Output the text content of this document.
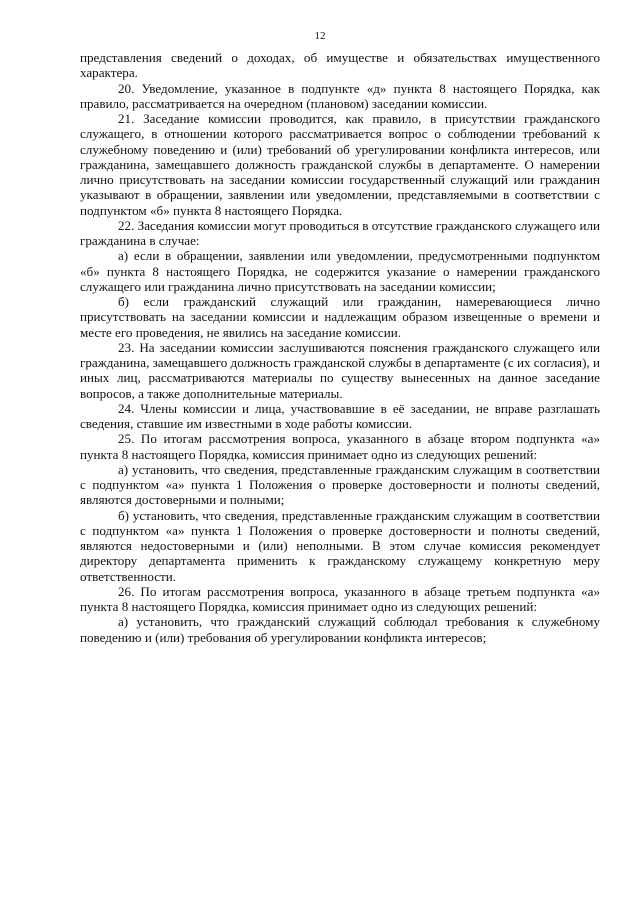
12

представления сведений о доходах, об имуществе и обязательствах имущественного характера.

20. Уведомление, указанное в подпункте «д» пункта 8 настоящего Порядка, как правило, рассматривается на очередном (плановом) заседании комиссии.

21. Заседание комиссии проводится, как правило, в присутствии гражданского служащего, в отношении которого рассматривается вопрос о соблюдении требований к служебному поведению и (или) требований об урегулировании конфликта интересов, или гражданина, замещавшего должность гражданской службы в департаменте. О намерении лично присутствовать на заседании комиссии государственный служащий или гражданин указывают в обращении, заявлении или уведомлении, представляемыми в соответствии с подпунктом «б» пункта 8 настоящего Порядка.

22. Заседания комиссии могут проводиться в отсутствие гражданского служащего или гражданина в случае:

а) если в обращении, заявлении или уведомлении, предусмотренными подпунктом «б» пункта 8 настоящего Порядка, не содержится указание о намерении гражданского служащего или гражданина лично присутствовать на заседании комиссии;

б) если гражданский служащий или гражданин, намеревающиеся лично присутствовать на заседании комиссии и надлежащим образом извещенные о времени и месте его проведения, не явились на заседание комиссии.

23. На заседании комиссии заслушиваются пояснения гражданского служащего или гражданина, замещавшего должность гражданской службы в департаменте (с их согласия), и иных лиц, рассматриваются материалы по существу вынесенных на данное заседание вопросов, а также дополнительные материалы.

24. Члены комиссии и лица, участвовавшие в её заседании, не вправе разглашать сведения, ставшие им известными в ходе работы комиссии.

25. По итогам рассмотрения вопроса, указанного в абзаце втором подпункта «а» пункта 8 настоящего Порядка, комиссия принимает одно из следующих решений:

а) установить, что сведения, представленные гражданским служащим в соответствии с подпунктом «а» пункта 1 Положения о проверке достоверности и полноты сведений, являются достоверными и полными;

б) установить, что сведения, представленные гражданским служащим в соответствии с подпунктом «а» пункта 1 Положения о проверке достоверности и полноты сведений, являются недостоверными и (или) неполными. В этом случае комиссия рекомендует директору департамента применить к гражданскому служащему конкретную меру ответственности.

26. По итогам рассмотрения вопроса, указанного в абзаце третьем подпункта «а» пункта 8 настоящего Порядка, комиссия принимает одно из следующих решений:

а) установить, что гражданский служащий соблюдал требования к служебному поведению и (или) требования об урегулировании конфликта интересов;
